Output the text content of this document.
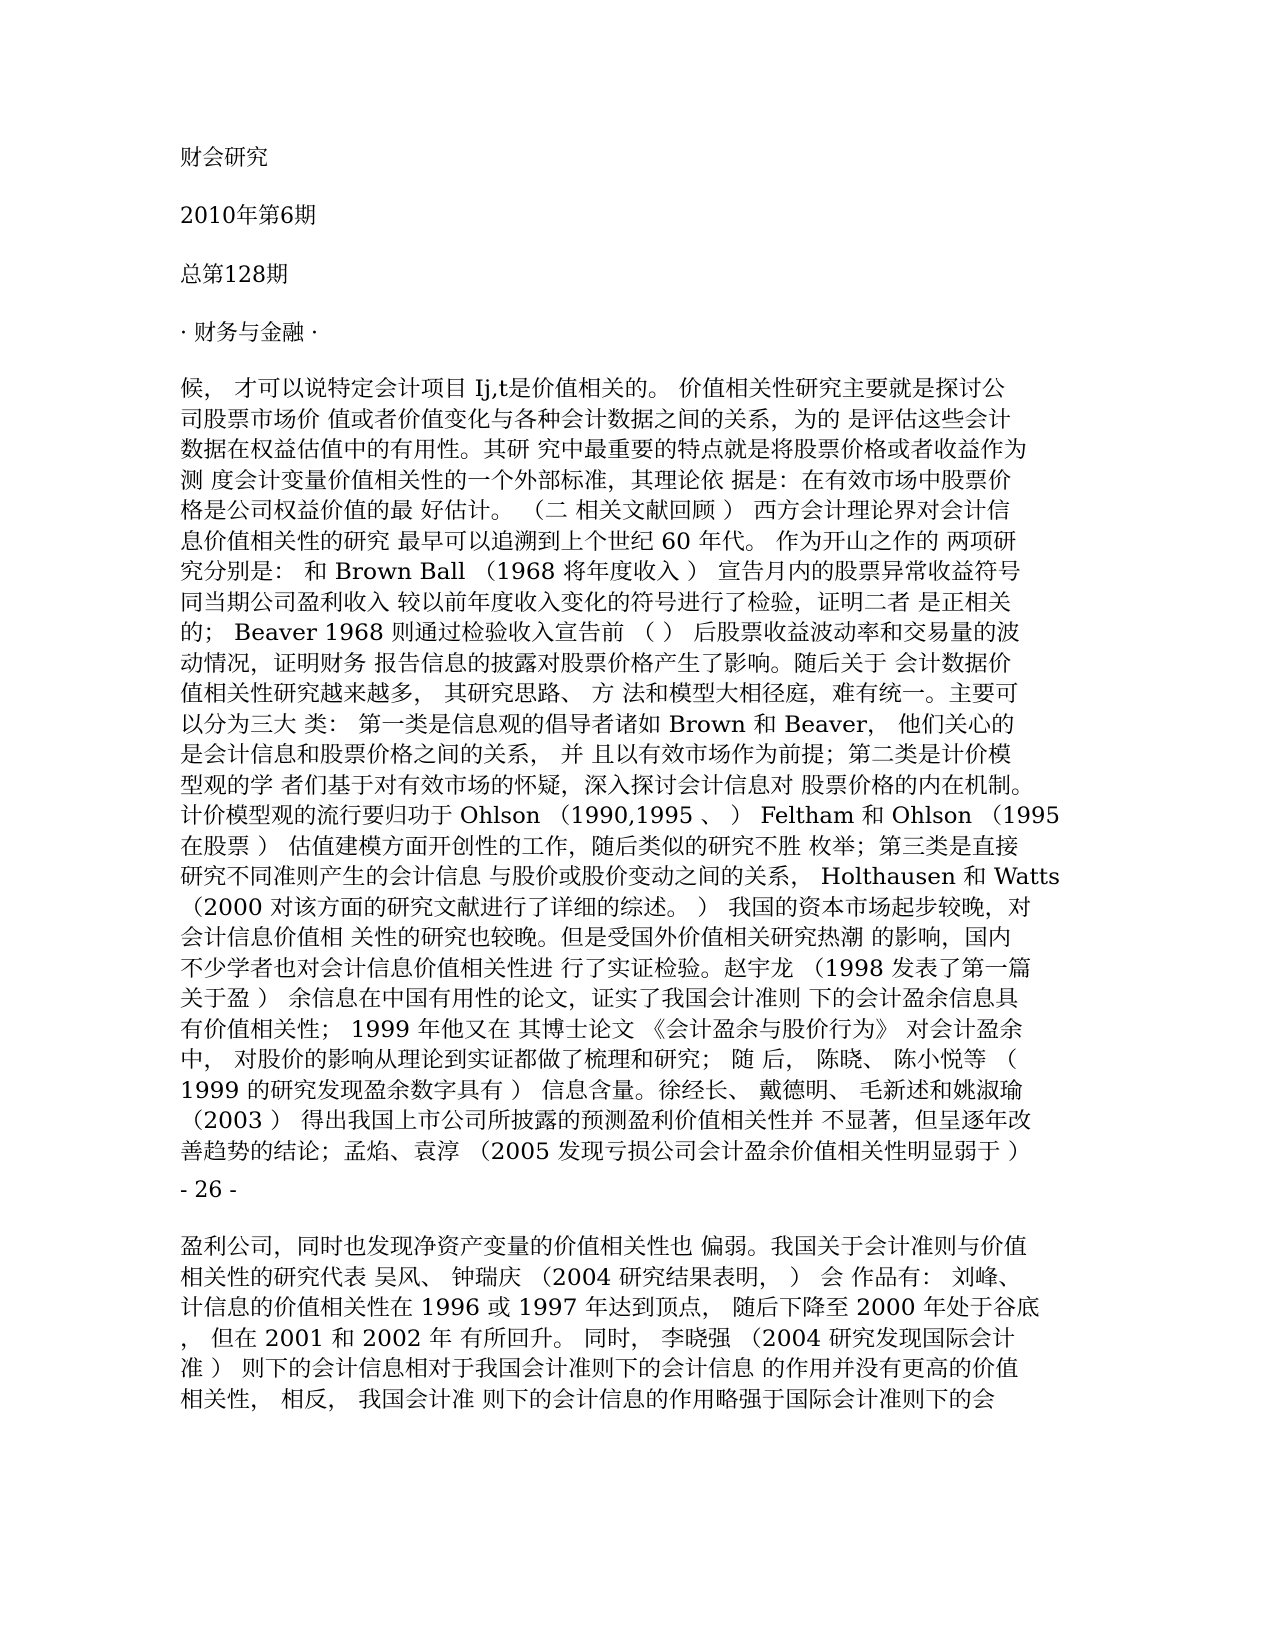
财会研究
2010年第6期
总第128期
· 财务与金融 ·
候， 才可以说特定会计项目 Ij,t是价值相关的。 价值相关性研究主要就是探讨公
司股票市场价 值或者价值变化与各种会计数据之间的关系，为的 是评估这些会计
数据在权益估值中的有用性。其研 究中最重要的特点就是将股票价格或者收益作为
测 度会计变量价值相关性的一个外部标准，其理论依 据是：在有效市场中股票价
格是公司权益价值的最 好估计。 （二 相关文献回顾 ） 西方会计理论界对会计信
息价值相关性的研究 最早可以追溯到上个世纪 60 年代。 作为开山之作的 两项研
究分别是： 和 Brown Ball （1968 将年度收入 ） 宣告月内的股票异常收益符号
同当期公司盈利收入 较以前年度收入变化的符号进行了检验，证明二者 是正相关
的； Beaver 1968 则通过检验收入宣告前 （ ） 后股票收益波动率和交易量的波
动情况，证明财务 报告信息的披露对股票价格产生了影响。随后关于 会计数据价
值相关性研究越来越多， 其研究思路、 方 法和模型大相径庭，难有统一。主要可
以分为三大 类： 第一类是信息观的倡导者诸如 Brown 和 Beaver， 他们关心的
是会计信息和股票价格之间的关系， 并 且以有效市场作为前提；第二类是计价模
型观的学 者们基于对有效市场的怀疑，深入探讨会计信息对 股票价格的内在机制。
计价模型观的流行要归功于 Ohlson （1990,1995 、 ） Feltham 和 Ohlson （1995
在股票 ） 估值建模方面开创性的工作，随后类似的研究不胜 枚举；第三类是直接
研究不同准则产生的会计信息 与股价或股价变动之间的关系， Holthausen 和 Watts
（2000 对该方面的研究文献进行了详细的综述。 ） 我国的资本市场起步较晚，对
会计信息价值相 关性的研究也较晚。但是受国外价值相关研究热潮 的影响，国内
不少学者也对会计信息价值相关性进 行了实证检验。赵宇龙 （1998 发表了第一篇
关于盈 ） 余信息在中国有用性的论文，证实了我国会计准则 下的会计盈余信息具
有价值相关性； 1999 年他又在 其博士论文 《会计盈余与股价行为》 对会计盈余
中， 对股价的影响从理论到实证都做了梳理和研究； 随 后， 陈晓、 陈小悦等 （
1999 的研究发现盈余数字具有 ） 信息含量。徐经长、 戴德明、 毛新述和姚淑瑜
（2003 ） 得出我国上市公司所披露的预测盈利价值相关性并 不显著，但呈逐年改
善趋势的结论；孟焰、袁淳 （2005 发现亏损公司会计盈余价值相关性明显弱于 ）
- 26 -
盈利公司，同时也发现净资产变量的价值相关性也 偏弱。我国关于会计准则与价值
相关性的研究代表 吴风、 钟瑞庆 （2004 研究结果表明， ） 会 作品有： 刘峰、
计信息的价值相关性在 1996 或 1997 年达到顶点， 随后下降至 2000 年处于谷底
， 但在 2001 和 2002 年 有所回升。 同时， 李晓强 （2004 研究发现国际会计
准 ） 则下的会计信息相对于我国会计准则下的会计信息 的作用并没有更高的价值
相关性， 相反， 我国会计准 则下的会计信息的作用略强于国际会计准则下的会
